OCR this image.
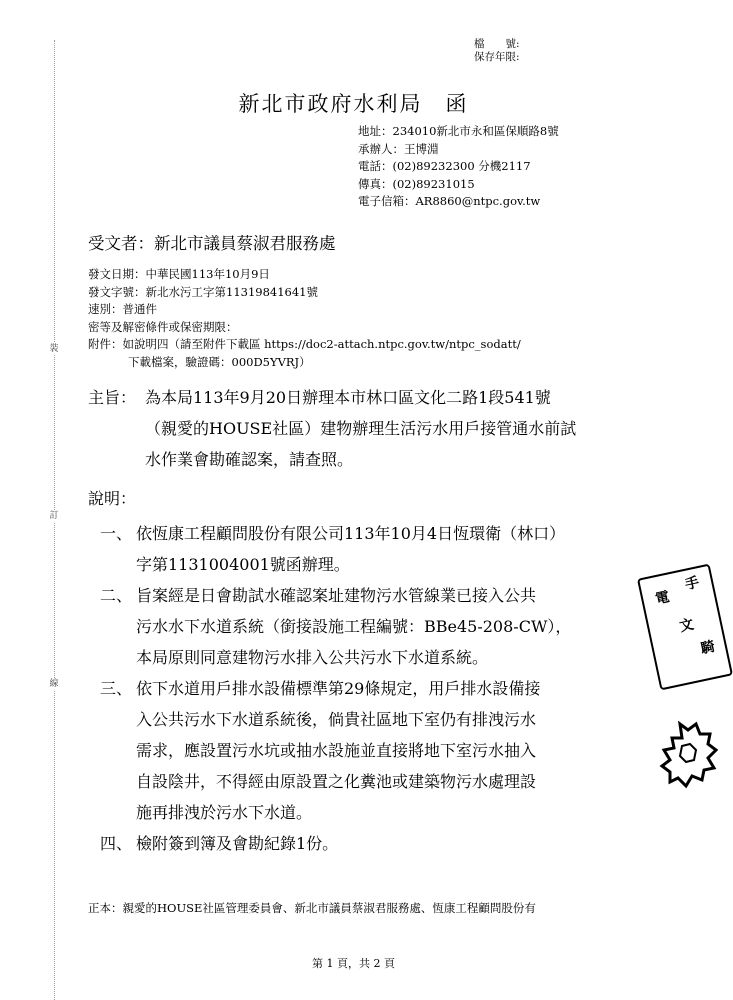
裝
訂
線
檔　　號:
保存年限:
新北市政府水利局　函
地址：234010新北市永和區保順路8號
承辦人：王博淵
電話：(02)89232300 分機2117
傳真：(02)89231015
電子信箱：AR8860@ntpc.gov.tw
受文者：新北市議員蔡淑君服務處
發文日期：中華民國113年10月9日
發文字號：新北水污工字第11319841641號
速別：普通件
密等及解密條件或保密期限：
附件：如說明四（請至附件下載區 https://doc2-attach.ntpc.gov.tw/ntpc_sodatt/
下載檔案，驗證碼：000D5YVRJ）
主旨： 為本局113年9月20日辦理本市林口區文化二路1段541號
（親愛的HOUSE社區）建物辦理生活污水用戶接管通水前試
水作業會勘確認案，請查照。
說明：
一、 依恆康工程顧問股份有限公司113年10月4日恆環衛（林口）
字第1131004001號函辦理。
二、 旨案經是日會勘試水確認案址建物污水管線業已接入公共
污水水下水道系統（銜接設施工程編號：BBe45-208-CW），
本局原則同意建物污水排入公共污水下水道系統。
三、 依下水道用戶排水設備標準第29條規定，用戶排水設備接
入公共污水下水道系統後，倘貴社區地下室仍有排洩污水
需求，應設置污水坑或抽水設施並直接將地下室污水抽入
自設陰井，不得經由原設置之化糞池或建築物污水處理設
施再排洩於污水下水道。
四、 檢附簽到簿及會勘紀錄1份。
正本：親愛的HOUSE社區管理委員會、新北市議員蔡淑君服務處、恆康工程顧問股份有
第 1 頁，共 2 頁
手
電
文
騎
